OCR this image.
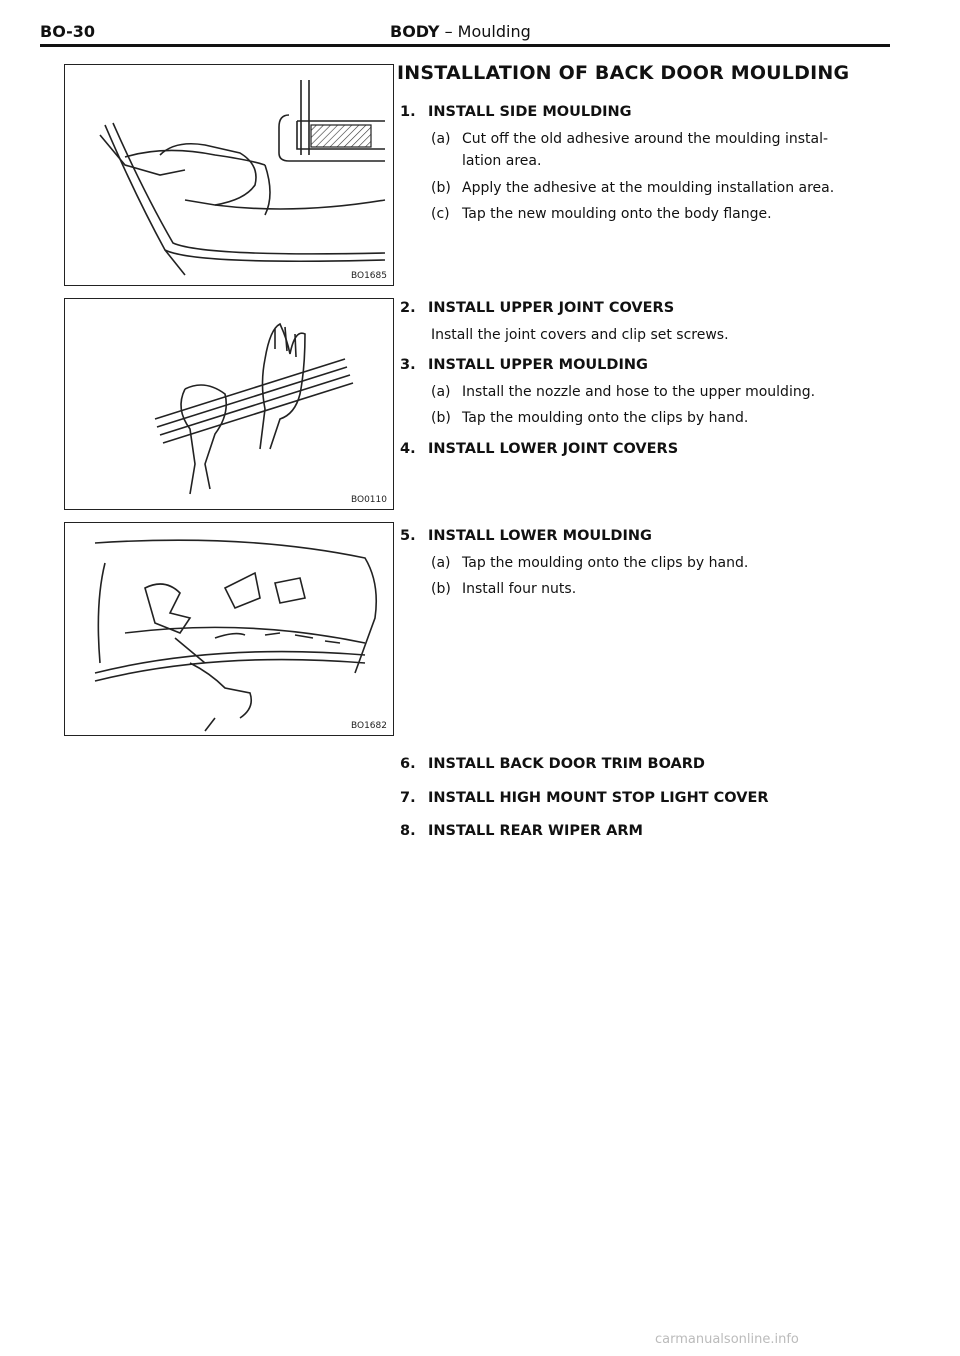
BO-30	BODY – Moulding
BO1685
BO0110
BO1682
INSTALLATION OF BACK DOOR MOULDING
1. INSTALL SIDE MOULDING
(a) Cut off the old adhesive around the moulding instal-
lation area.
(b) Apply the adhesive at the moulding installation area.
(c) Tap the new moulding onto the body flange.
2. INSTALL UPPER JOINT COVERS
Install the joint covers and clip set screws.
3. INSTALL UPPER MOULDING
(a) Install the nozzle and hose to the upper moulding.
(b) Tap the moulding onto the clips by hand.
4. INSTALL LOWER JOINT COVERS
5. INSTALL LOWER MOULDING
(a) Tap the moulding onto the clips by hand.
(b) Install four nuts.
6. INSTALL BACK DOOR TRIM BOARD
7. INSTALL HIGH MOUNT STOP LIGHT COVER
8. INSTALL REAR WIPER ARM
carmanualsonline.info
